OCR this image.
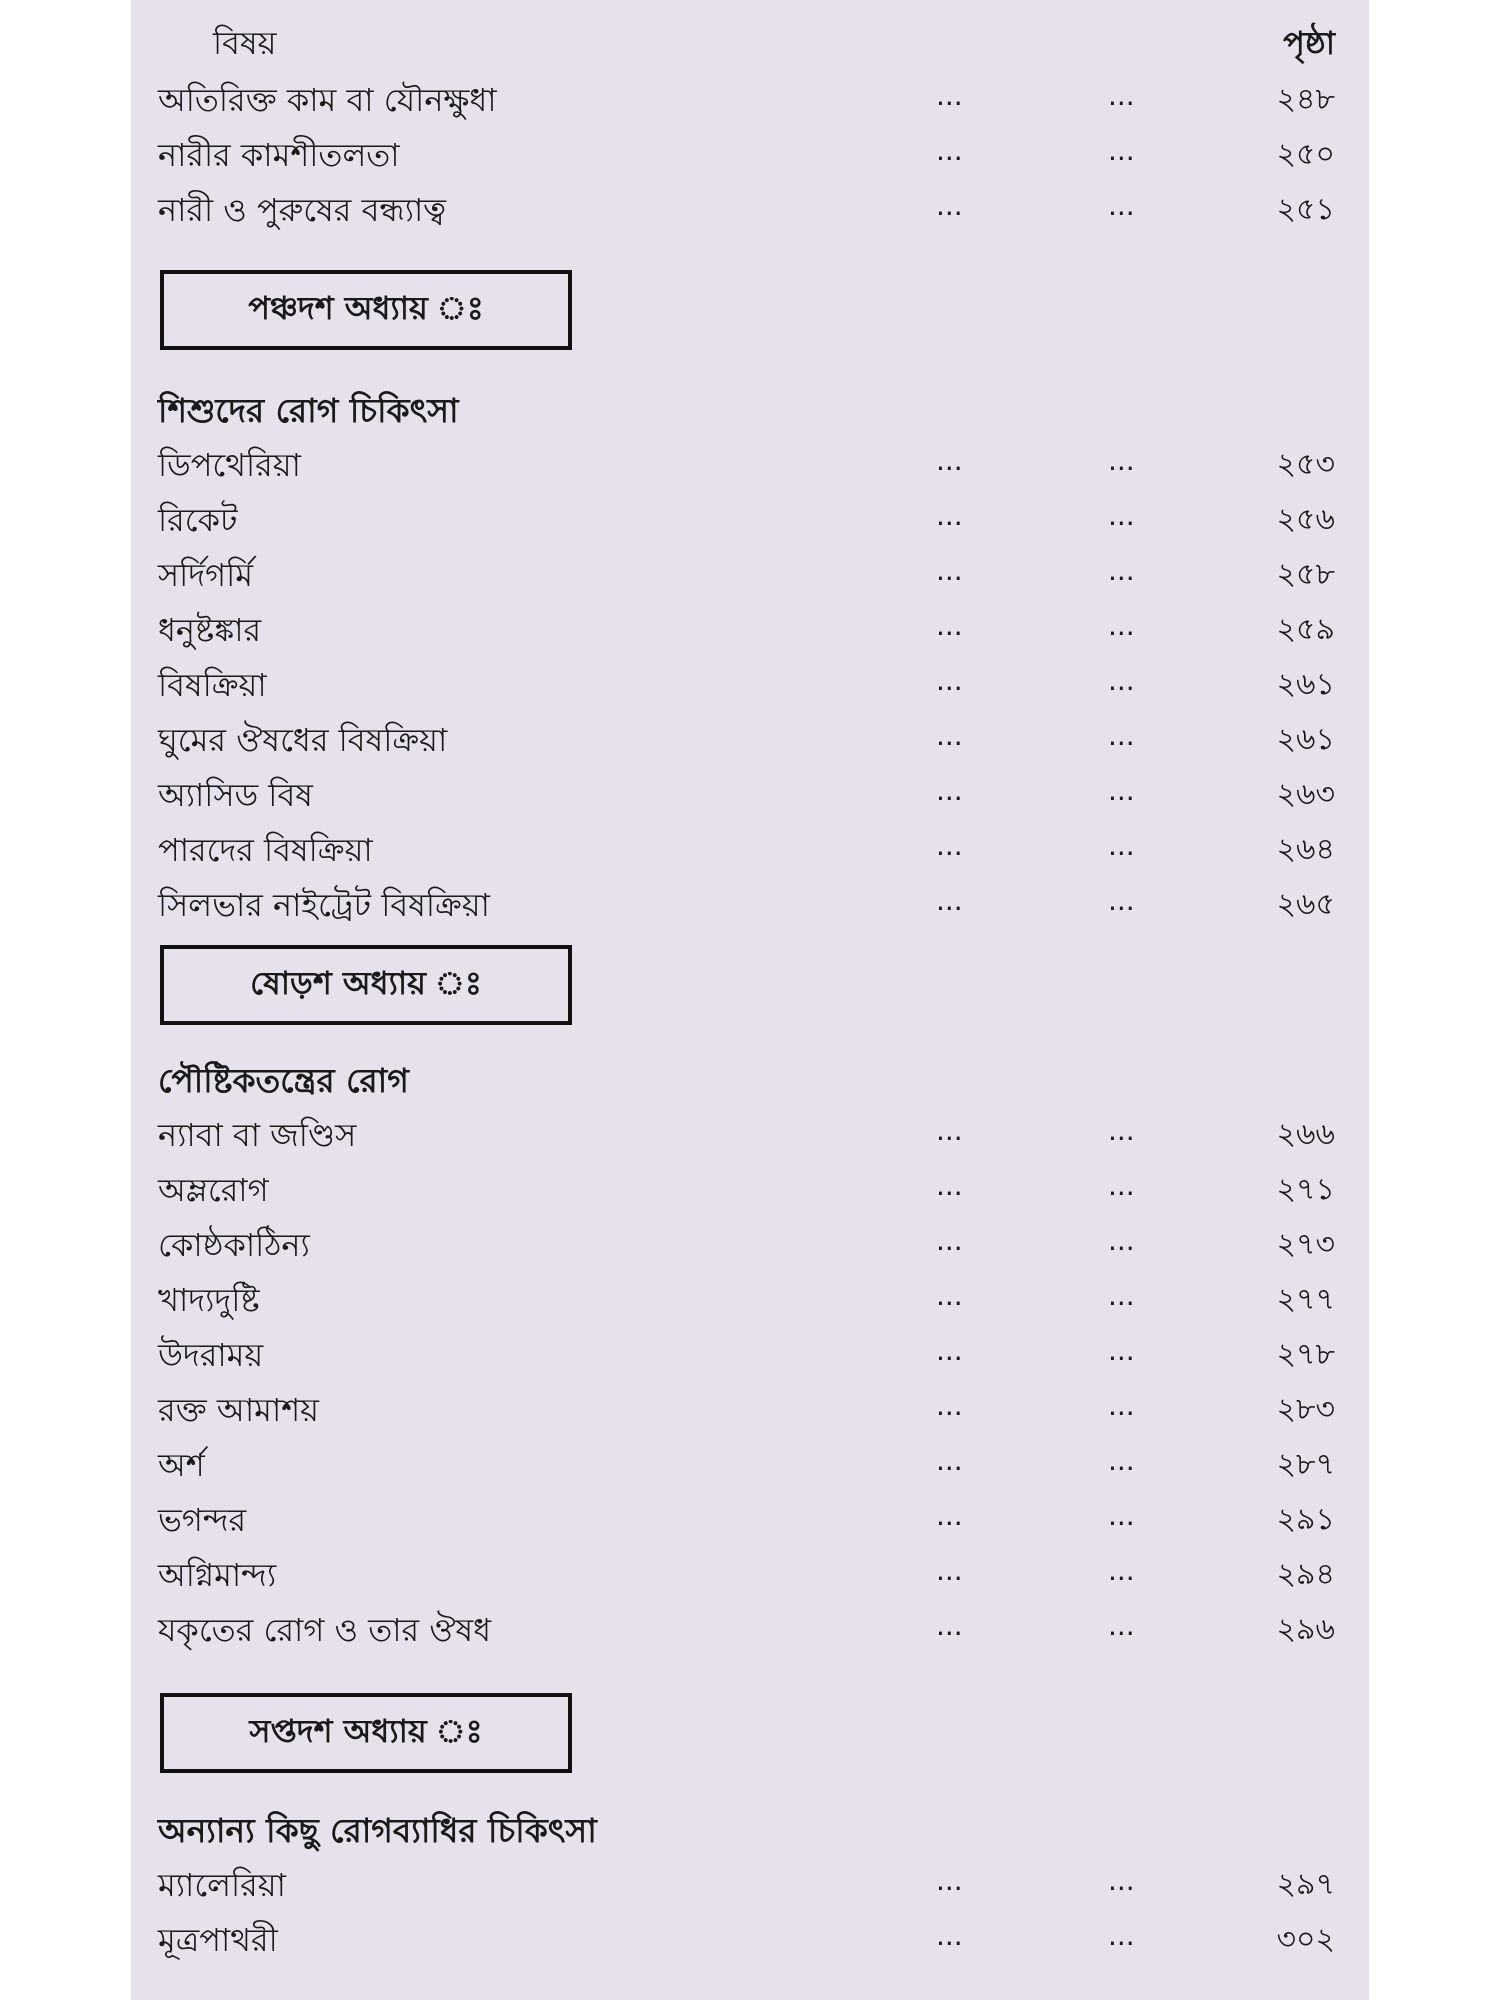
বিষয়	পৃষ্ঠা
অতিরিক্ত কাম বা যৌনক্ষুধা	...	...	২৪৮
নারীর কামশীতলতা	...	...	২৫০
নারী ও পুরুষের বন্ধ্যাত্ব	...	...	২৫১
পঞ্চদশ অধ্যায় ঃ
শিশুদের রোগ চিকিৎসা
ডিপথেরিয়া	...	...	২৫৩
রিকেট	...	...	২৫৬
সর্দিগর্মি	...	...	২৫৮
ধনুষ্টঙ্কার	...	...	২৫৯
বিষক্রিয়া	...	...	২৬১
ঘুমের ঔষধের বিষক্রিয়া	...	...	২৬১
অ্যাসিড বিষ	...	...	২৬৩
পারদের বিষক্রিয়া	...	...	২৬৪
সিলভার নাইট্রেট বিষক্রিয়া	...	...	২৬৫
ষোড়শ অধ্যায় ঃ
পৌষ্টিকতন্ত্রের রোগ
ন্যাবা বা জণ্ডিস	...	...	২৬৬
অম্লরোগ	...	...	২৭১
কোষ্ঠকাঠিন্য	...	...	২৭৩
খাদ্যদুষ্টি	...	...	২৭৭
উদরাময়	...	...	২৭৮
রক্ত আমাশয়	...	...	২৮৩
অর্শ	...	...	২৮৭
ভগন্দর	...	...	২৯১
অগ্নিমান্দ্য	...	...	২৯৪
যকৃতের রোগ ও তার ঔষধ	...	...	২৯৬
সপ্তদশ অধ্যায় ঃ
অন্যান্য কিছু রোগব্যাধির চিকিৎসা
ম্যালেরিয়া	...	...	২৯৭
মূত্রপাথরী	...	...	৩০২
